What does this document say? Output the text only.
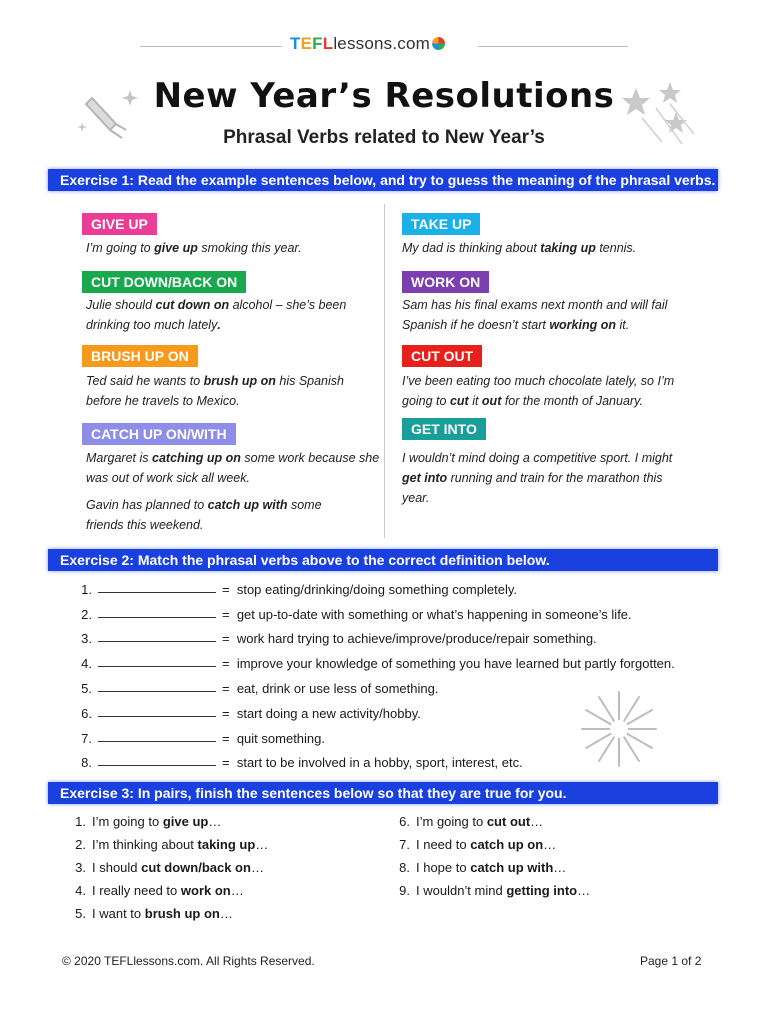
TEFLlessons.com
New Year’s Resolutions
Phrasal Verbs related to New Year’s
Exercise 1: Read the example sentences below, and try to guess the meaning of the phrasal verbs.
GIVE UP
I’m going to give up smoking this year.
CUT DOWN/BACK ON
Julie should cut down on alcohol – she’s been
drinking too much lately.
BRUSH UP ON
Ted said he wants to brush up on his Spanish
before he travels to Mexico.
CATCH UP ON/WITH
Margaret is catching up on some work because she
was out of work sick all week.
Gavin has planned to catch up with some
friends this weekend.
TAKE UP
My dad is thinking about taking up tennis.
WORK ON
Sam has his final exams next month and will fail
Spanish if he doesn’t start working on it.
CUT OUT
I’ve been eating too much chocolate lately, so I’m
going to cut it out for the month of January.
GET INTO
I wouldn’t mind doing a competitive sport. I might
get into running and train for the marathon this
year.
Exercise 2: Match the phrasal verbs above to the correct definition below.
1.	= stop eating/drinking/doing something completely.
2.	= get up-to-date with something or what’s happening in someone’s life.
3.	= work hard trying to achieve/improve/produce/repair something.
4.	= improve your knowledge of something you have learned but partly forgotten.
5.	= eat, drink or use less of something.
6.	= start doing a new activity/hobby.
7.	= quit something.
8.	= start to be involved in a hobby, sport, interest, etc.
Exercise 3: In pairs, finish the sentences below so that they are true for you.
1. I’m going to give up…
2. I’m thinking about taking up…
3. I should cut down/back on…
4. I really need to work on…
5. I want to brush up on…
6. I’m going to cut out…
7. I need to catch up on…
8. I hope to catch up with…
9. I wouldn’t mind getting into…
© 2020 TEFLlessons.com. All Rights Reserved.	Page 1 of 2
